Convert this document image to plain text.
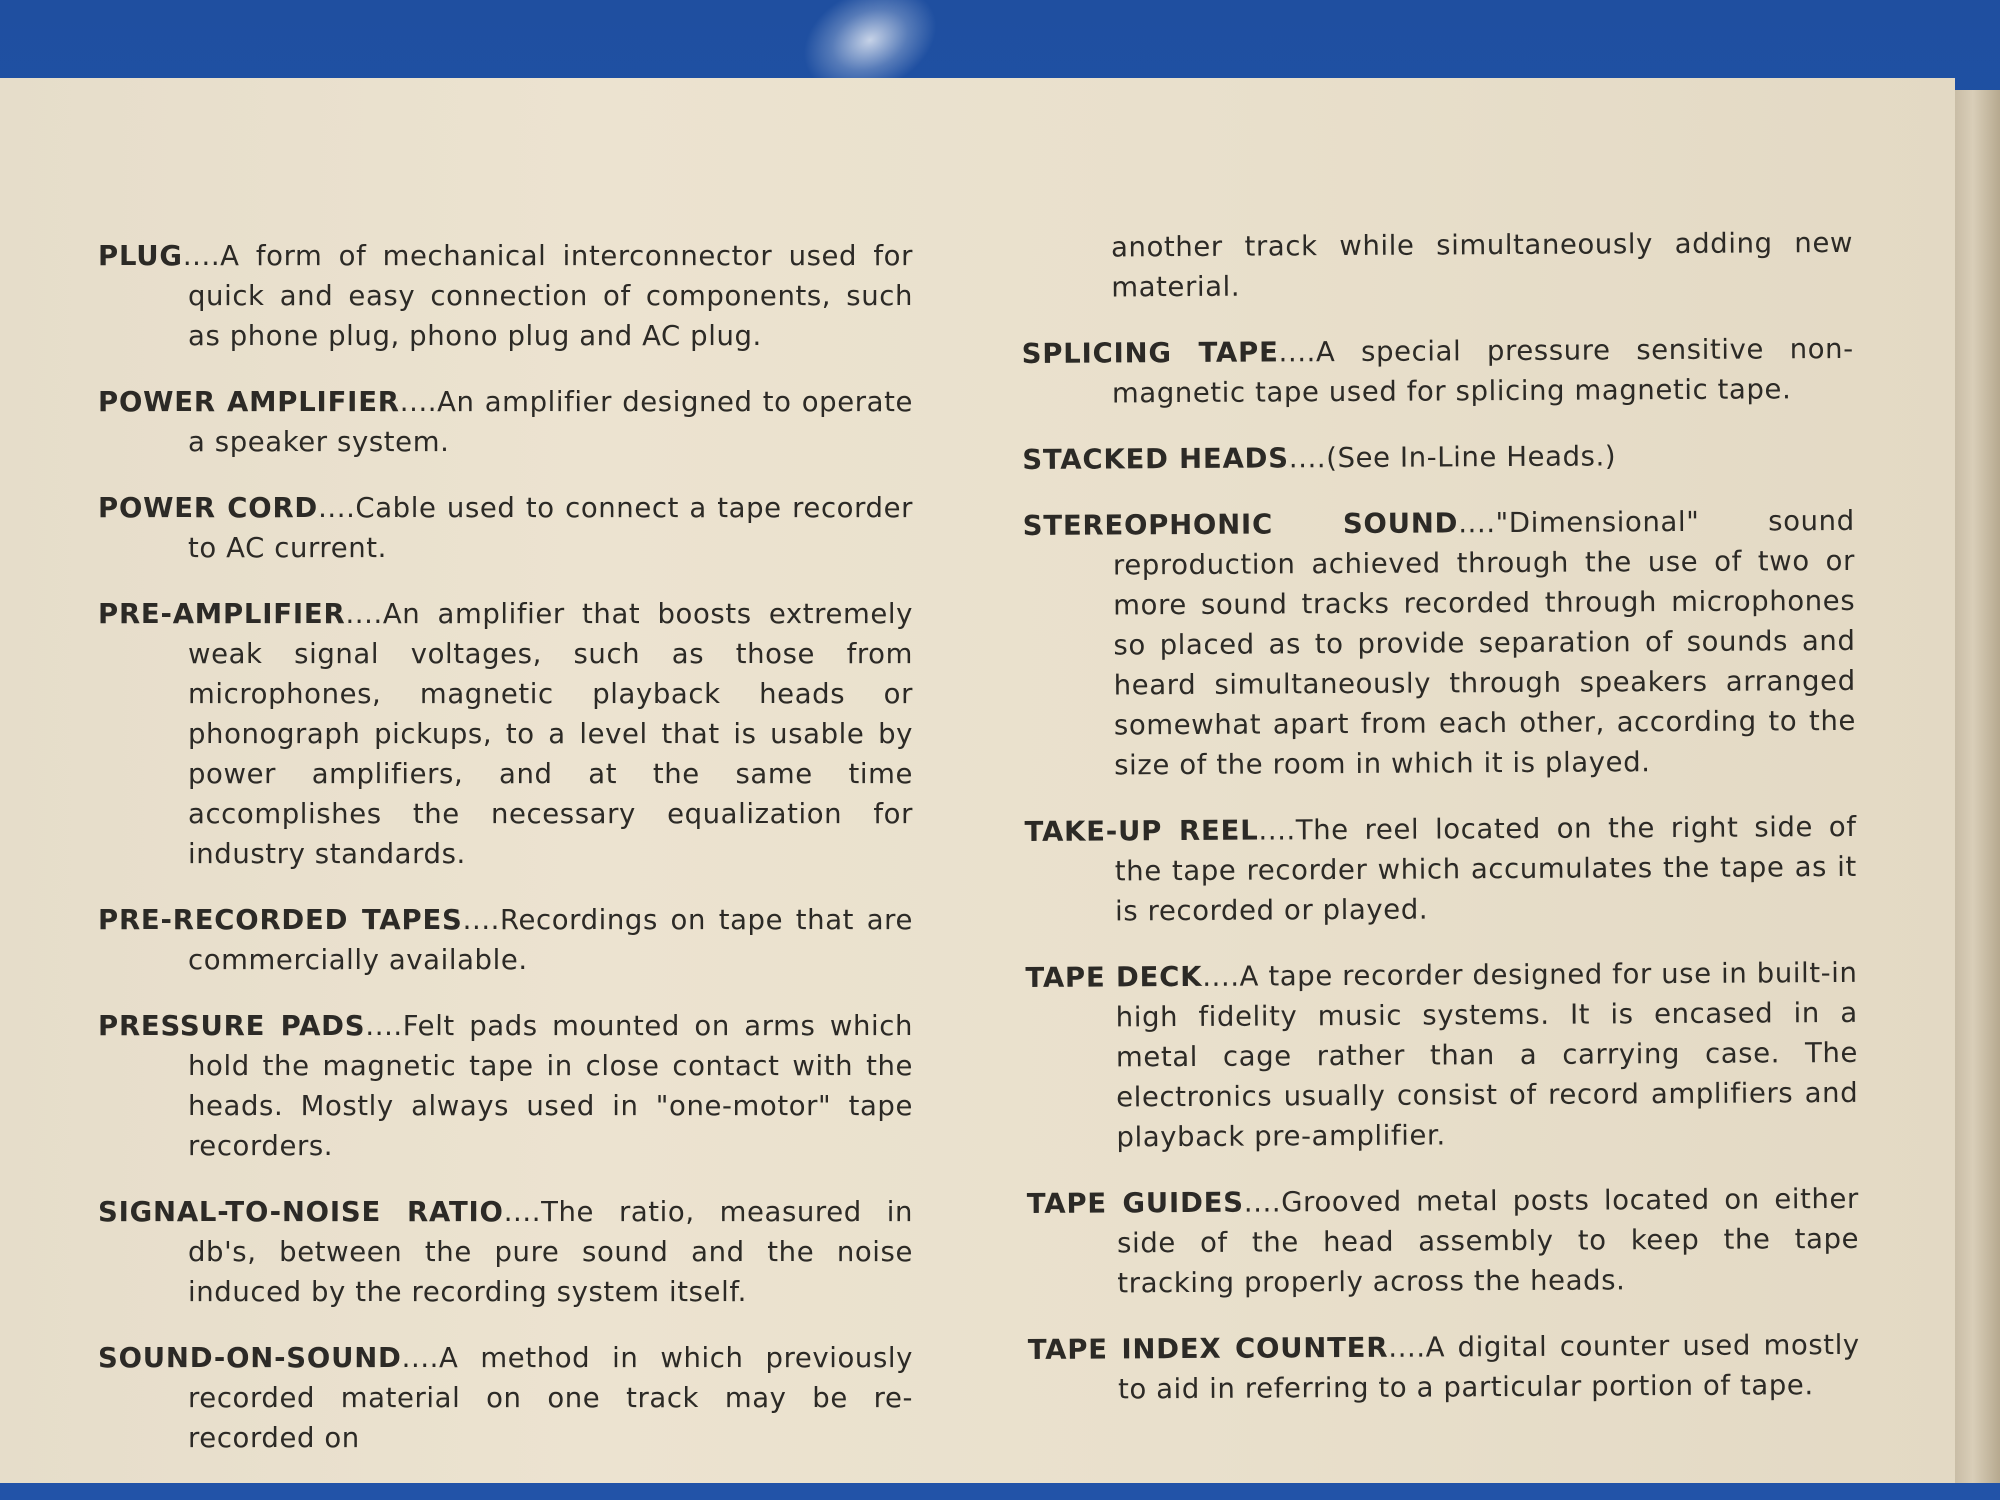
PLUG....A form of mechanical interconnector used for quick and easy connection of components, such as phone plug, phono plug and AC plug.

POWER AMPLIFIER....An amplifier designed to operate a speaker system.

POWER CORD....Cable used to connect a tape recorder to AC current.

PRE-AMPLIFIER....An amplifier that boosts extremely weak signal voltages, such as those from microphones, magnetic playback heads or phonograph pickups, to a level that is usable by power amplifiers, and at the same time accomplishes the necessary equalization for industry standards.

PRE-RECORDED TAPES....Recordings on tape that are commercially available.

PRESSURE PADS....Felt pads mounted on arms which hold the magnetic tape in close contact with the heads. Mostly always used in "one-motor" tape recorders.

SIGNAL-TO-NOISE RATIO....The ratio, measured in db's, between the pure sound and the noise induced by the recording system itself.

SOUND-ON-SOUND....A method in which previously recorded material on one track may be re-recorded on

another track while simultaneously adding new material.

SPLICING TAPE....A special pressure sensitive non-magnetic tape used for splicing magnetic tape.

STACKED HEADS....(See In-Line Heads.)

STEREOPHONIC SOUND...."Dimensional" sound reproduction achieved through the use of two or more sound tracks recorded through microphones so placed as to provide separation of sounds and heard simultaneously through speakers arranged somewhat apart from each other, according to the size of the room in which it is played.

TAKE-UP REEL....The reel located on the right side of the tape recorder which accumulates the tape as it is recorded or played.

TAPE DECK....A tape recorder designed for use in built-in high fidelity music systems. It is encased in a metal cage rather than a carrying case. The electronics usually consist of record amplifiers and playback pre-amplifier.

TAPE GUIDES....Grooved metal posts located on either side of the head assembly to keep the tape tracking properly across the heads.

TAPE INDEX COUNTER....A digital counter used mostly to aid in referring to a particular portion of tape.
